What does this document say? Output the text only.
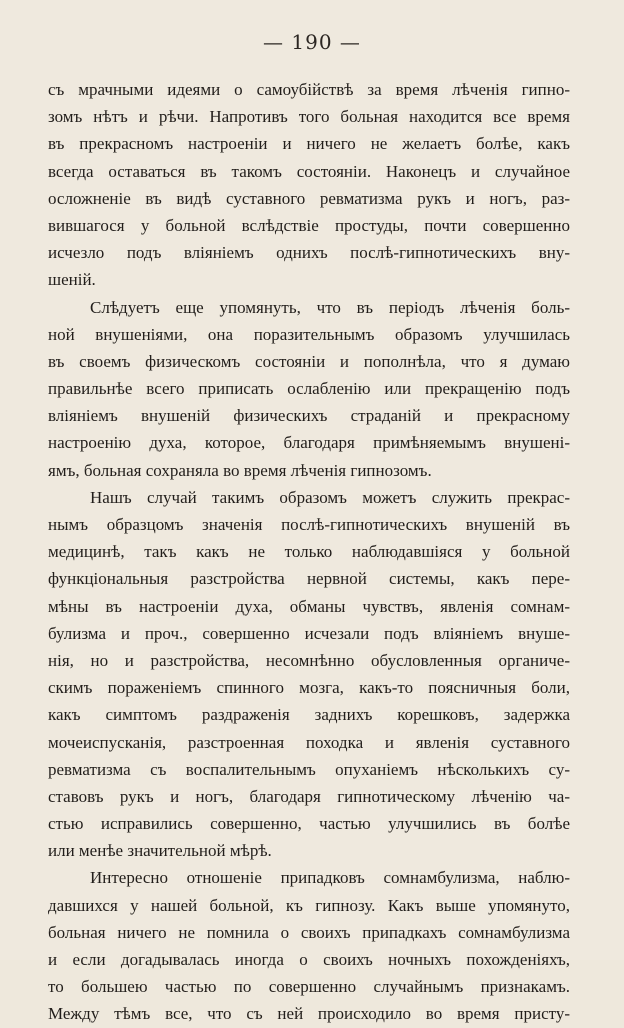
— 190 —
съ мрачными идеями о самоубійствѣ за время лѣченія гипно-
зомъ нѣтъ и рѣчи. Напротивъ того больная находится все время
въ прекрасномъ настроеніи и ничего не желаетъ болѣе, какъ
всегда оставаться въ такомъ состояніи. Наконецъ и случайное
осложненіе въ видѣ суставного ревматизма рукъ и ногъ, раз-
вившагося у больной вслѣдствіе простуды, почти совершенно
исчезло подъ вліяніемъ однихъ послѣ-гипнотическихъ вну-
шеній.
Слѣдуетъ еще упомянуть, что въ періодъ лѣченія боль-
ной внушеніями, она поразительнымъ образомъ улучшилась
въ своемъ физическомъ состояніи и пополнѣла, что я думаю
правильнѣе всего приписать ослабленію или прекращенію подъ
вліяніемъ внушеній физическихъ страданій и прекрасному
настроенію духа, которое, благодаря примѣняемымъ внушені-
ямъ, больная сохраняла во время лѣченія гипнозомъ.
Нашъ случай такимъ образомъ можетъ служить прекрас-
нымъ образцомъ значенія послѣ-гипнотическихъ внушеній въ
медицинѣ, такъ какъ не только наблюдавшіяся у больной
функціональныя разстройства нервной системы, какъ пере-
мѣны въ настроеніи духа, обманы чувствъ, явленія сомнам-
булизма и проч., совершенно исчезали подъ вліяніемъ внуше-
нія, но и разстройства, несомнѣнно обусловленныя органиче-
скимъ пораженіемъ спинного мозга, какъ-то поясничныя боли,
какъ симптомъ раздраженія заднихъ корешковъ, задержка
мочеиспусканія, разстроенная походка и явленія суставного
ревматизма съ воспалительнымъ опуханіемъ нѣсколькихъ су-
ставовъ рукъ и ногъ, благодаря гипнотическому лѣченію ча-
стью исправились совершенно, частью улучшились въ болѣе
или менѣе значительной мѣрѣ.
Интересно отношеніе припадковъ сомнамбулизма, наблю-
давшихся у нашей больной, къ гипнозу. Какъ выше упомянуто,
больная ничего не помнила о своихъ припадкахъ сомнамбулизма
и если догадывалась иногда о своихъ ночныхъ похожденіяхъ,
то большею частью по совершенно случайнымъ признакамъ.
Между тѣмъ все, что съ ней происходило во время присту-
